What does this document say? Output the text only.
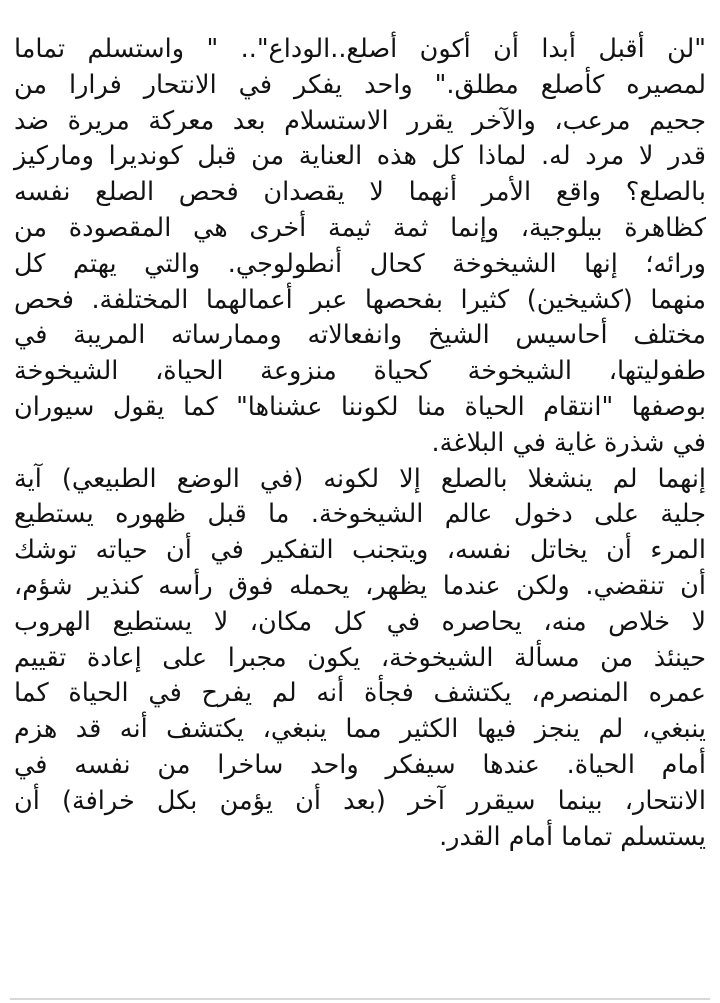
"لن أقبل أبدا أن أكون أصلع..الوداع".. " واستسلم تماما
لمصيره كأصلع مطلق." واحد يفكر في الانتحار فرارا من
جحيم مرعب، والآخر يقرر الاستسلام بعد معركة مريرة ضد
قدر لا مرد له. لماذا كل هذه العناية من قبل كونديرا وماركيز
بالصلع؟ واقع الأمر أنهما لا يقصدان فحص الصلع نفسه
كظاهرة بيلوجية، وإنما ثمة ثيمة أخرى هي المقصودة من
ورائه؛ إنها الشيخوخة كحال أنطولوجي. والتي يهتم كل
منهما (كشيخين) كثيرا بفحصها عبر أعمالهما المختلفة. فحص
مختلف أحاسيس الشيخ وانفعالاته وممارساته المريبة في
طفوليتها، الشيخوخة كحياة منزوعة الحياة، الشيخوخة
بوصفها "انتقام الحياة منا لكوننا عشناها" كما يقول سيوران
في شذرة غاية في البلاغة.
إنهما لم ينشغلا بالصلع إلا لكونه (في الوضع الطبيعي) آية
جلية على دخول عالم الشيخوخة. ما قبل ظهوره يستطيع
المرء أن يخاتل نفسه، ويتجنب التفكير في أن حياته توشك
أن تنقضي. ولكن عندما يظهر، يحمله فوق رأسه كنذير شؤم،
لا خلاص منه، يحاصره في كل مكان، لا يستطيع الهروب
حينئذ من مسألة الشيخوخة، يكون مجبرا على إعادة تقييم
عمره المنصرم، يكتشف فجأة أنه لم يفرح في الحياة كما
ينبغي، لم ينجز فيها الكثير مما ينبغي، يكتشف أنه قد هزم
أمام الحياة. عندها سيفكر واحد ساخرا من نفسه في
الانتحار، بينما سيقرر آخر (بعد أن يؤمن بكل خرافة) أن
يستسلم تماما أمام القدر.
